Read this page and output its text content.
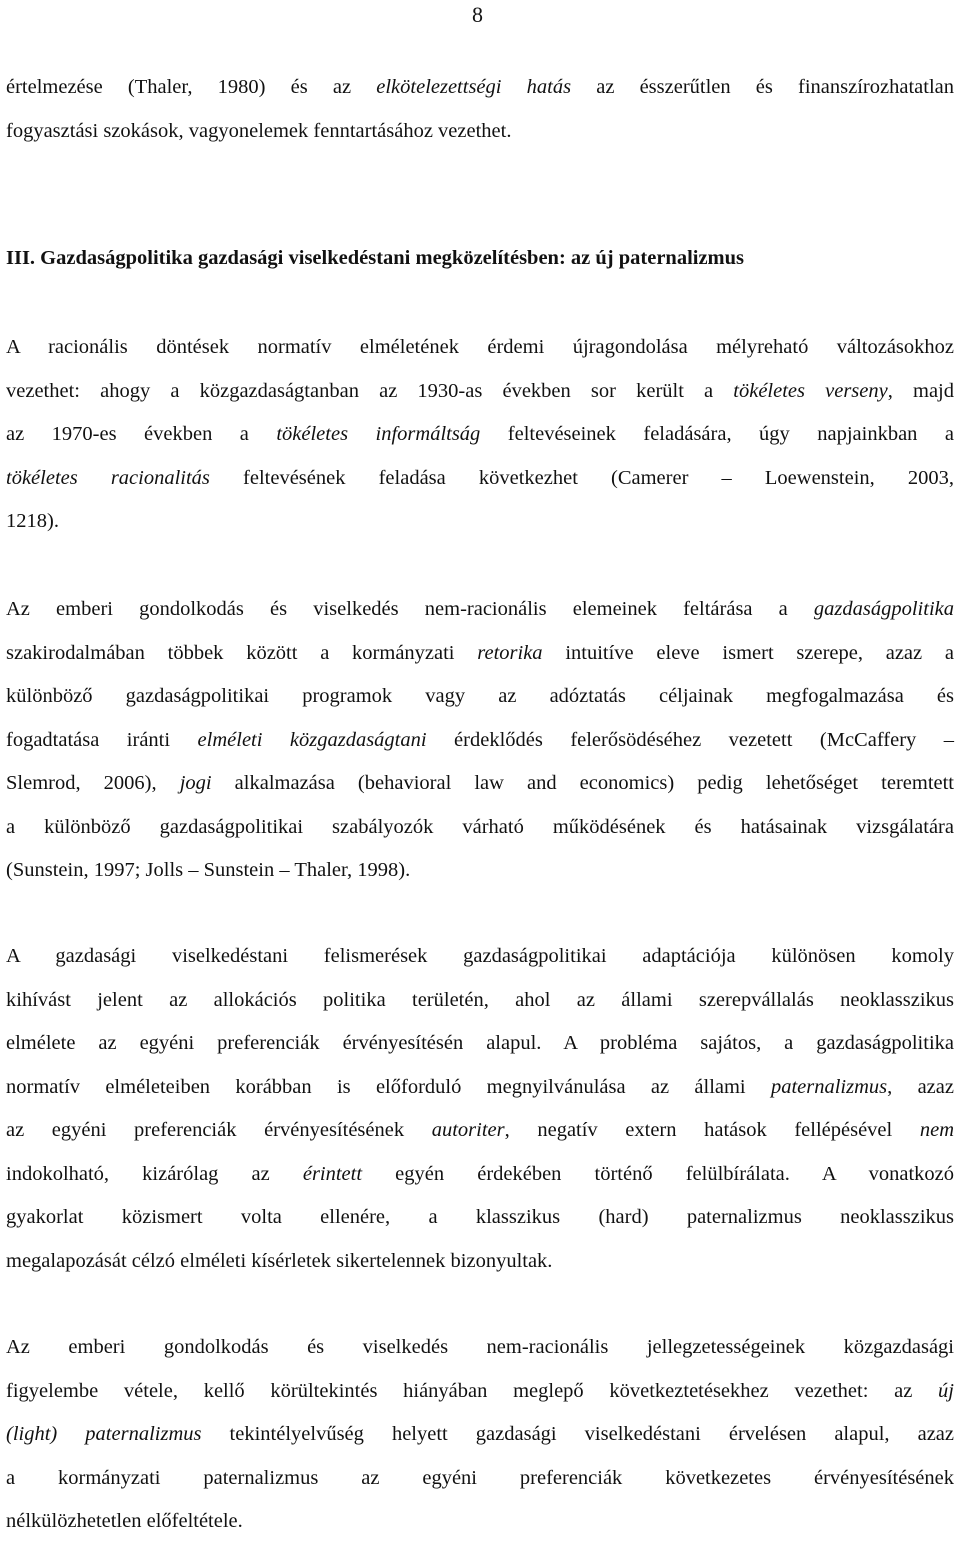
8
értelmezése (Thaler, 1980) és az elkötelezettségi hatás az ésszerűtlen és finanszírozhatatlan
fogyasztási szokások, vagyonelemek fenntartásához vezethet.
III. Gazdaságpolitika gazdasági viselkedéstani megközelítésben: az új paternalizmus
A racionális döntések normatív elméletének érdemi újragondolása mélyreható változásokhoz
vezethet: ahogy a közgazdaságtanban az 1930-as években sor került a tökéletes verseny, majd
az 1970-es években a tökéletes informáltság feltevéseinek feladására, úgy napjainkban a
tökéletes racionalitás feltevésének feladása következhet (Camerer – Loewenstein, 2003,
1218).
Az emberi gondolkodás és viselkedés nem-racionális elemeinek feltárása a gazdaságpolitika
szakirodalmában többek között a kormányzati retorika intuitíve eleve ismert szerepe, azaz a
különböző gazdaságpolitikai programok vagy az adóztatás céljainak megfogalmazása és
fogadtatása iránti elméleti közgazdaságtani érdeklődés felerősödéséhez vezetett (McCaffery –
Slemrod, 2006), jogi alkalmazása (behavioral law and economics) pedig lehetőséget teremtett
a különböző gazdaságpolitikai szabályozók várható működésének és hatásainak vizsgálatára
(Sunstein, 1997; Jolls – Sunstein – Thaler, 1998).
A gazdasági viselkedéstani felismerések gazdaságpolitikai adaptációja különösen komoly
kihívást jelent az allokációs politika területén, ahol az állami szerepvállalás neoklasszikus
elmélete az egyéni preferenciák érvényesítésén alapul. A probléma sajátos, a gazdaságpolitika
normatív elméleteiben korábban is előforduló megnyilvánulása az állami paternalizmus, azaz
az egyéni preferenciák érvényesítésének autoriter, negatív extern hatások fellépésével nem
indokolható, kizárólag az érintett egyén érdekében történő felülbírálata. A vonatkozó
gyakorlat közismert volta ellenére, a klasszikus (hard) paternalizmus neoklasszikus
megalapozását célzó elméleti kísérletek sikertelennek bizonyultak.
Az emberi gondolkodás és viselkedés nem-racionális jellegzetességeinek közgazdasági
figyelembe vétele, kellő körültekintés hiányában meglepő következtetésekhez vezethet: az új
(light) paternalizmus tekintélyelvűség helyett gazdasági viselkedéstani érvelésen alapul, azaz
a kormányzati paternalizmus az egyéni preferenciák következetes érvényesítésének
nélkülözhetetlen előfeltétele.
